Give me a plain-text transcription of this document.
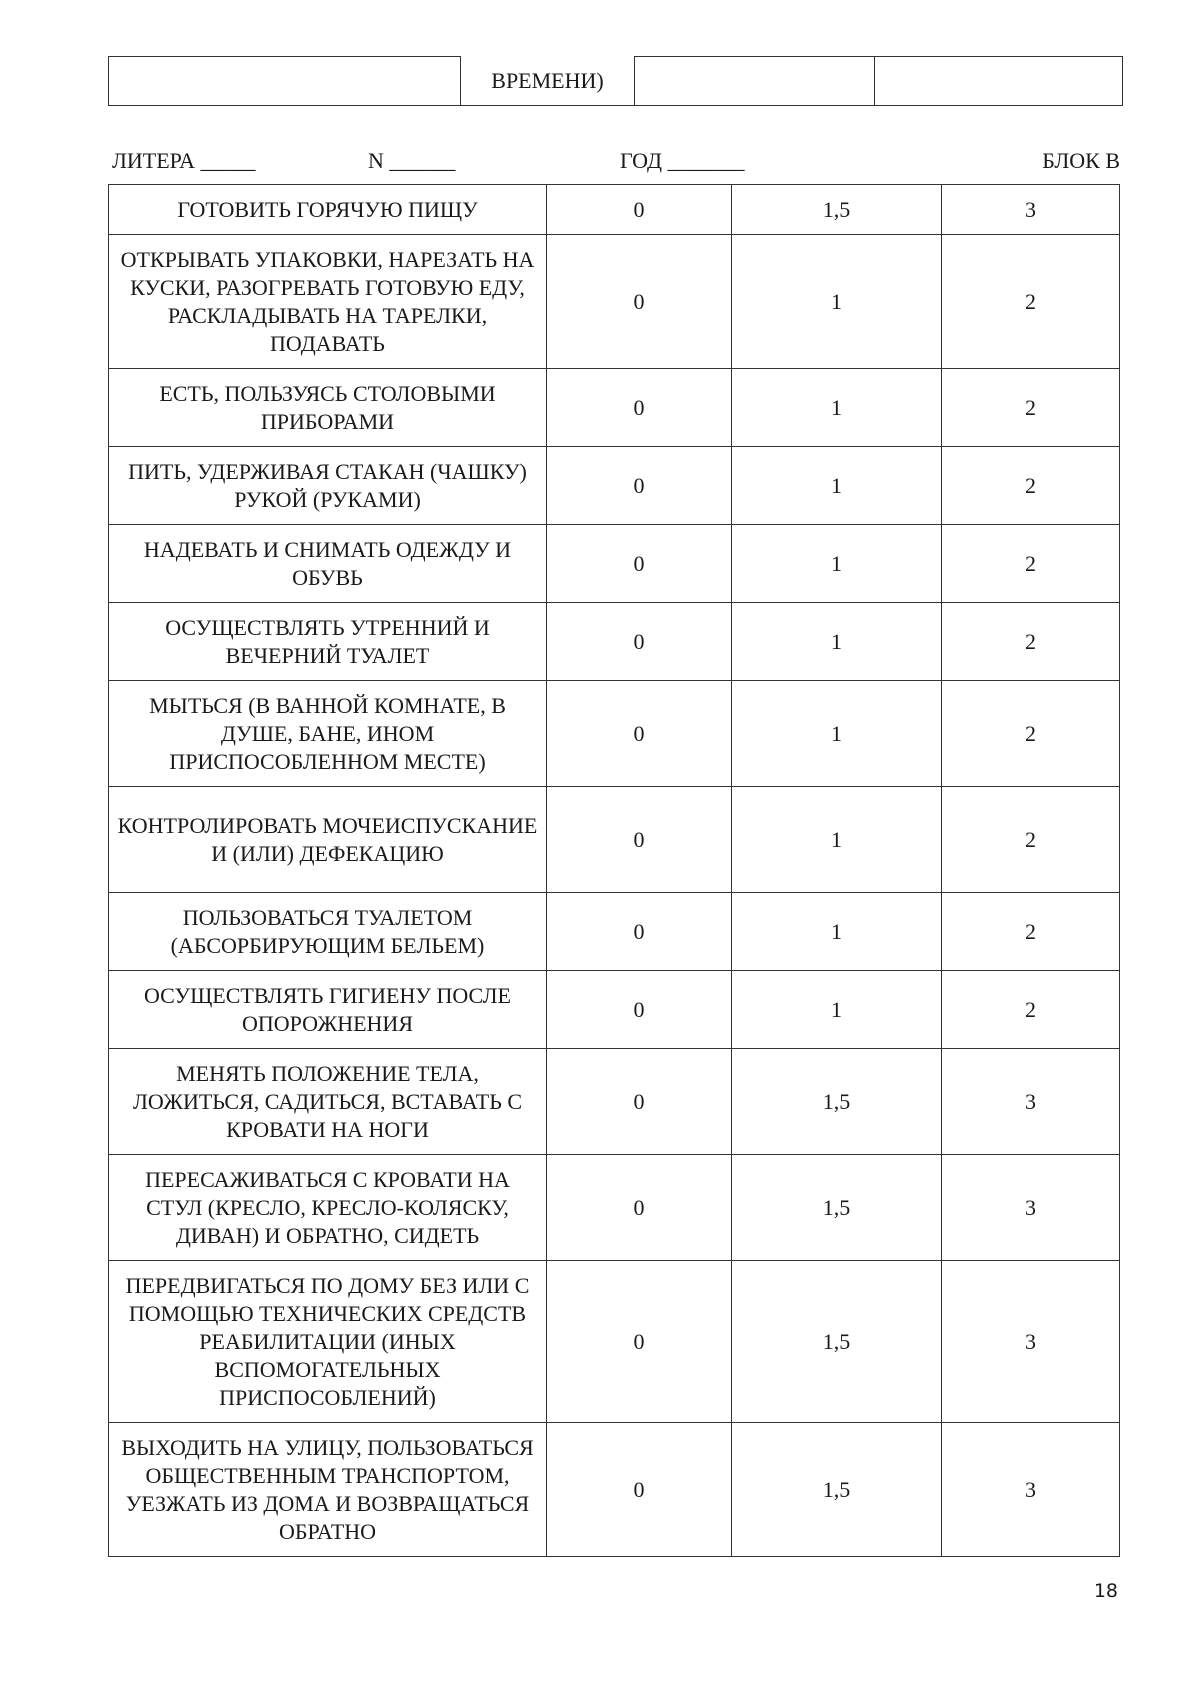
	ВРЕМЕНИ)		
ЛИТЕРА _____	N ______	ГОД _______	БЛОК В
ГОТОВИТЬ ГОРЯЧУЮ ПИЩУ	0	1,5	3
ОТКРЫВАТЬ УПАКОВКИ, НАРЕЗАТЬ НА КУСКИ, РАЗОГРЕВАТЬ ГОТОВУЮ ЕДУ, РАСКЛАДЫВАТЬ НА ТАРЕЛКИ, ПОДАВАТЬ	0	1	2
ЕСТЬ, ПОЛЬЗУЯСЬ СТОЛОВЫМИ ПРИБОРАМИ	0	1	2
ПИТЬ, УДЕРЖИВАЯ СТАКАН (ЧАШКУ) РУКОЙ (РУКАМИ)	0	1	2
НАДЕВАТЬ И СНИМАТЬ ОДЕЖДУ И ОБУВЬ	0	1	2
ОСУЩЕСТВЛЯТЬ УТРЕННИЙ И ВЕЧЕРНИЙ ТУАЛЕТ	0	1	2
МЫТЬСЯ (В ВАННОЙ КОМНАТЕ, В ДУШЕ, БАНЕ, ИНОМ ПРИСПОСОБЛЕННОМ МЕСТЕ)	0	1	2
КОНТРОЛИРОВАТЬ МОЧЕИСПУСКАНИЕ И (ИЛИ) ДЕФЕКАЦИЮ	0	1	2
ПОЛЬЗОВАТЬСЯ ТУАЛЕТОМ (АБСОРБИРУЮЩИМ БЕЛЬЕМ)	0	1	2
ОСУЩЕСТВЛЯТЬ ГИГИЕНУ ПОСЛЕ ОПОРОЖНЕНИЯ	0	1	2
МЕНЯТЬ ПОЛОЖЕНИЕ ТЕЛА, ЛОЖИТЬСЯ, САДИТЬСЯ, ВСТАВАТЬ С КРОВАТИ НА НОГИ	0	1,5	3
ПЕРЕСАЖИВАТЬСЯ С КРОВАТИ НА СТУЛ (КРЕСЛО, КРЕСЛО-КОЛЯСКУ, ДИВАН) И ОБРАТНО, СИДЕТЬ	0	1,5	3
ПЕРЕДВИГАТЬСЯ ПО ДОМУ БЕЗ ИЛИ С ПОМОЩЬЮ ТЕХНИЧЕСКИХ СРЕДСТВ РЕАБИЛИТАЦИИ (ИНЫХ ВСПОМОГАТЕЛЬНЫХ ПРИСПОСОБЛЕНИЙ)	0	1,5	3
ВЫХОДИТЬ НА УЛИЦУ, ПОЛЬЗОВАТЬСЯ ОБЩЕСТВЕННЫМ ТРАНСПОРТОМ, УЕЗЖАТЬ ИЗ ДОМА И ВОЗВРАЩАТЬСЯ ОБРАТНО	0	1,5	3
18
